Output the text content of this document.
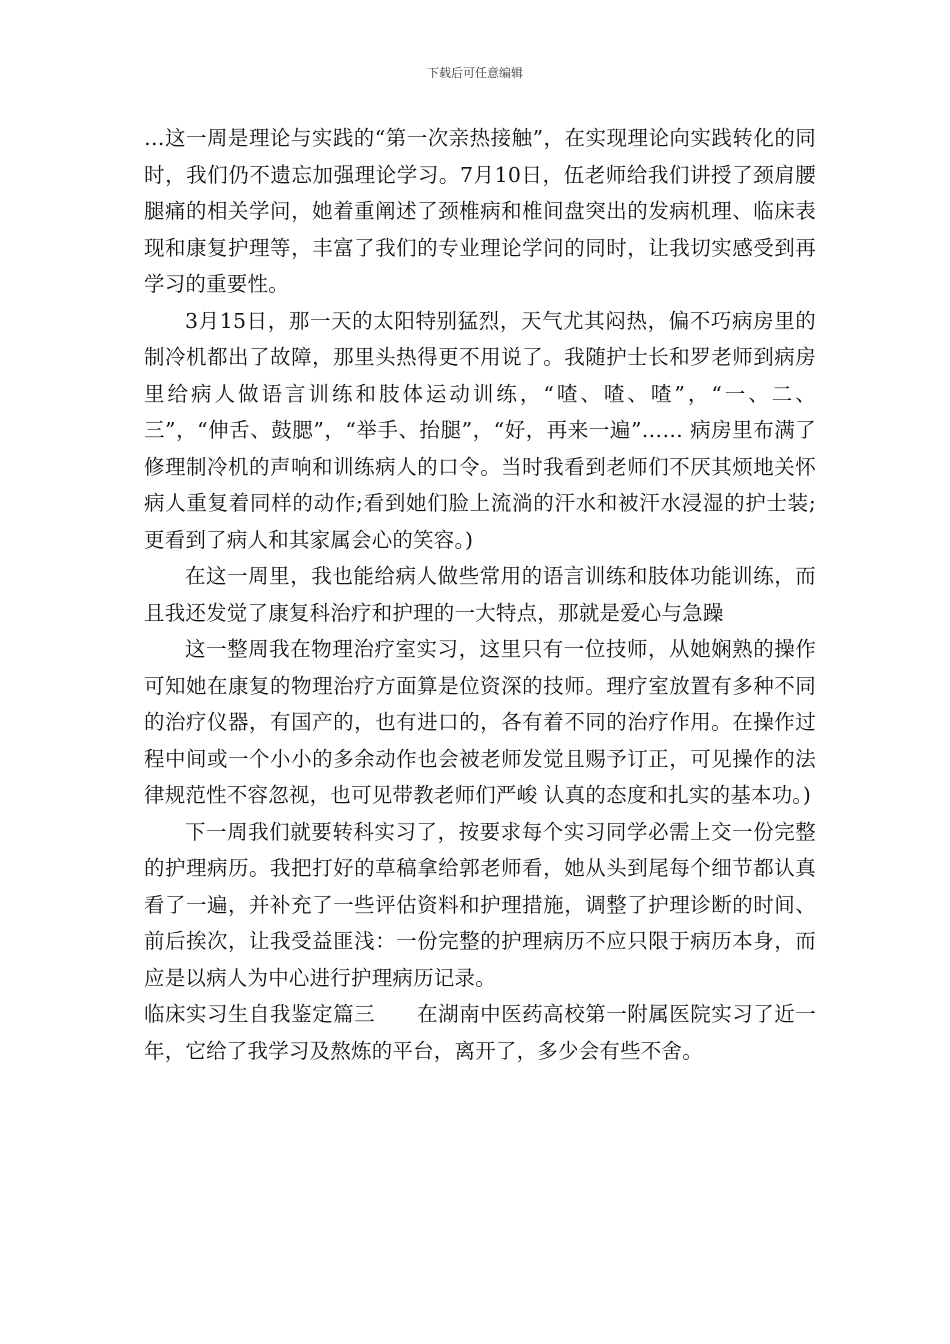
下载后可任意编辑

…这一周是理论与实践的“第一次亲热接触”，在实现理论向实践转化的同时，我们仍不遗忘加强理论学习。7月10日，伍老师给我们讲授了颈肩腰腿痛的相关学问，她着重阐述了颈椎病和椎间盘突出的发病机理、临床表现和康复护理等，丰富了我们的专业理论学问的同时，让我切实感受到再学习的重要性。

3月15日，那一天的太阳特别猛烈，天气尤其闷热，偏不巧病房里的制冷机都出了故障，那里头热得更不用说了。我随护士长和罗老师到病房里给病人做语言训练和肢体运动训练，“喳、喳、喳”，“一、二、三”，“伸舌、鼓腮”，“举手、抬腿”，“好，再来一遍”…… 病房里布满了修理制冷机的声响和训练病人的口令。当时我看到老师们不厌其烦地关怀病人重复着同样的动作;看到她们脸上流淌的汗水和被汗水浸湿的护士装;更看到了病人和其家属会心的笑容。)

在这一周里，我也能给病人做些常用的语言训练和肢体功能训练，而且我还发觉了康复科治疗和护理的一大特点，那就是爱心与急躁

这一整周我在物理治疗室实习，这里只有一位技师，从她娴熟的操作可知她在康复的物理治疗方面算是位资深的技师。理疗室放置有多种不同的治疗仪器，有国产的，也有进口的，各有着不同的治疗作用。在操作过程中间或一个小小的多余动作也会被老师发觉且赐予订正，可见操作的法律规范性不容忽视，也可见带教老师们严峻 认真的态度和扎实的基本功。)

下一周我们就要转科实习了，按要求每个实习同学必需上交一份完整的护理病历。我把打好的草稿拿给郭老师看，她从头到尾每个细节都认真看了一遍，并补充了一些评估资料和护理措施，调整了护理诊断的时间、前后挨次，让我受益匪浅：一份完整的护理病历不应只限于病历本身，而应是以病人为中心进行护理病历记录。

临床实习生自我鉴定篇三　　在湖南中医药高校第一附属医院实习了近一年，它给了我学习及熬炼的平台，离开了，多少会有些不舍。
